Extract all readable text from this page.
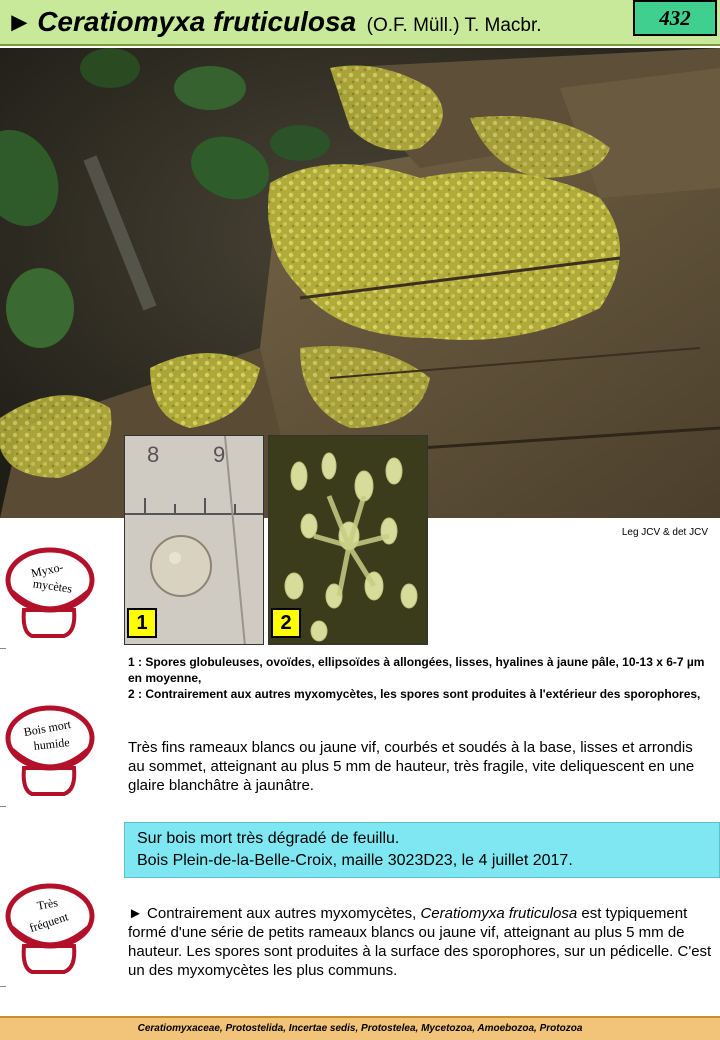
► Ceratiomyxa fruticulosa (O.F. Müll.) T. Macbr.	432
8 9
1	2
Leg JCV & det JCV
Myxo-
mycètes
Bois mort
humide
Très
fréquent
1 : Spores globuleuses, ovoïdes, ellipsoïdes à allongées, lisses, hyalines à jaune pâle, 10-13 x 6-7 µm en moyenne,
2 : Contrairement aux autres myxomycètes, les spores sont produites à l'extérieur des sporophores,
Très fins rameaux blancs ou jaune vif, courbés et soudés à la base, lisses et arrondis au sommet, atteignant au plus 5 mm de hauteur, très fragile, vite deliquescent en une glaire blanchâtre à jaunâtre.
Sur bois mort très dégradé de feuillu.
Bois Plein-de-la-Belle-Croix, maille 3023D23, le 4 juillet 2017.
► Contrairement aux autres myxomycètes, Ceratiomyxa fruticulosa est typiquement formé d'une série de petits rameaux blancs ou jaune vif, atteignant au plus 5 mm de hauteur. Les spores sont produites à la surface des sporophores, sur un pédicelle. C'est un des myxomycètes les plus communs.
Ceratiomyxaceae, Protostelida, Incertae sedis, Protostelea, Mycetozoa, Amoebozoa, Protozoa
